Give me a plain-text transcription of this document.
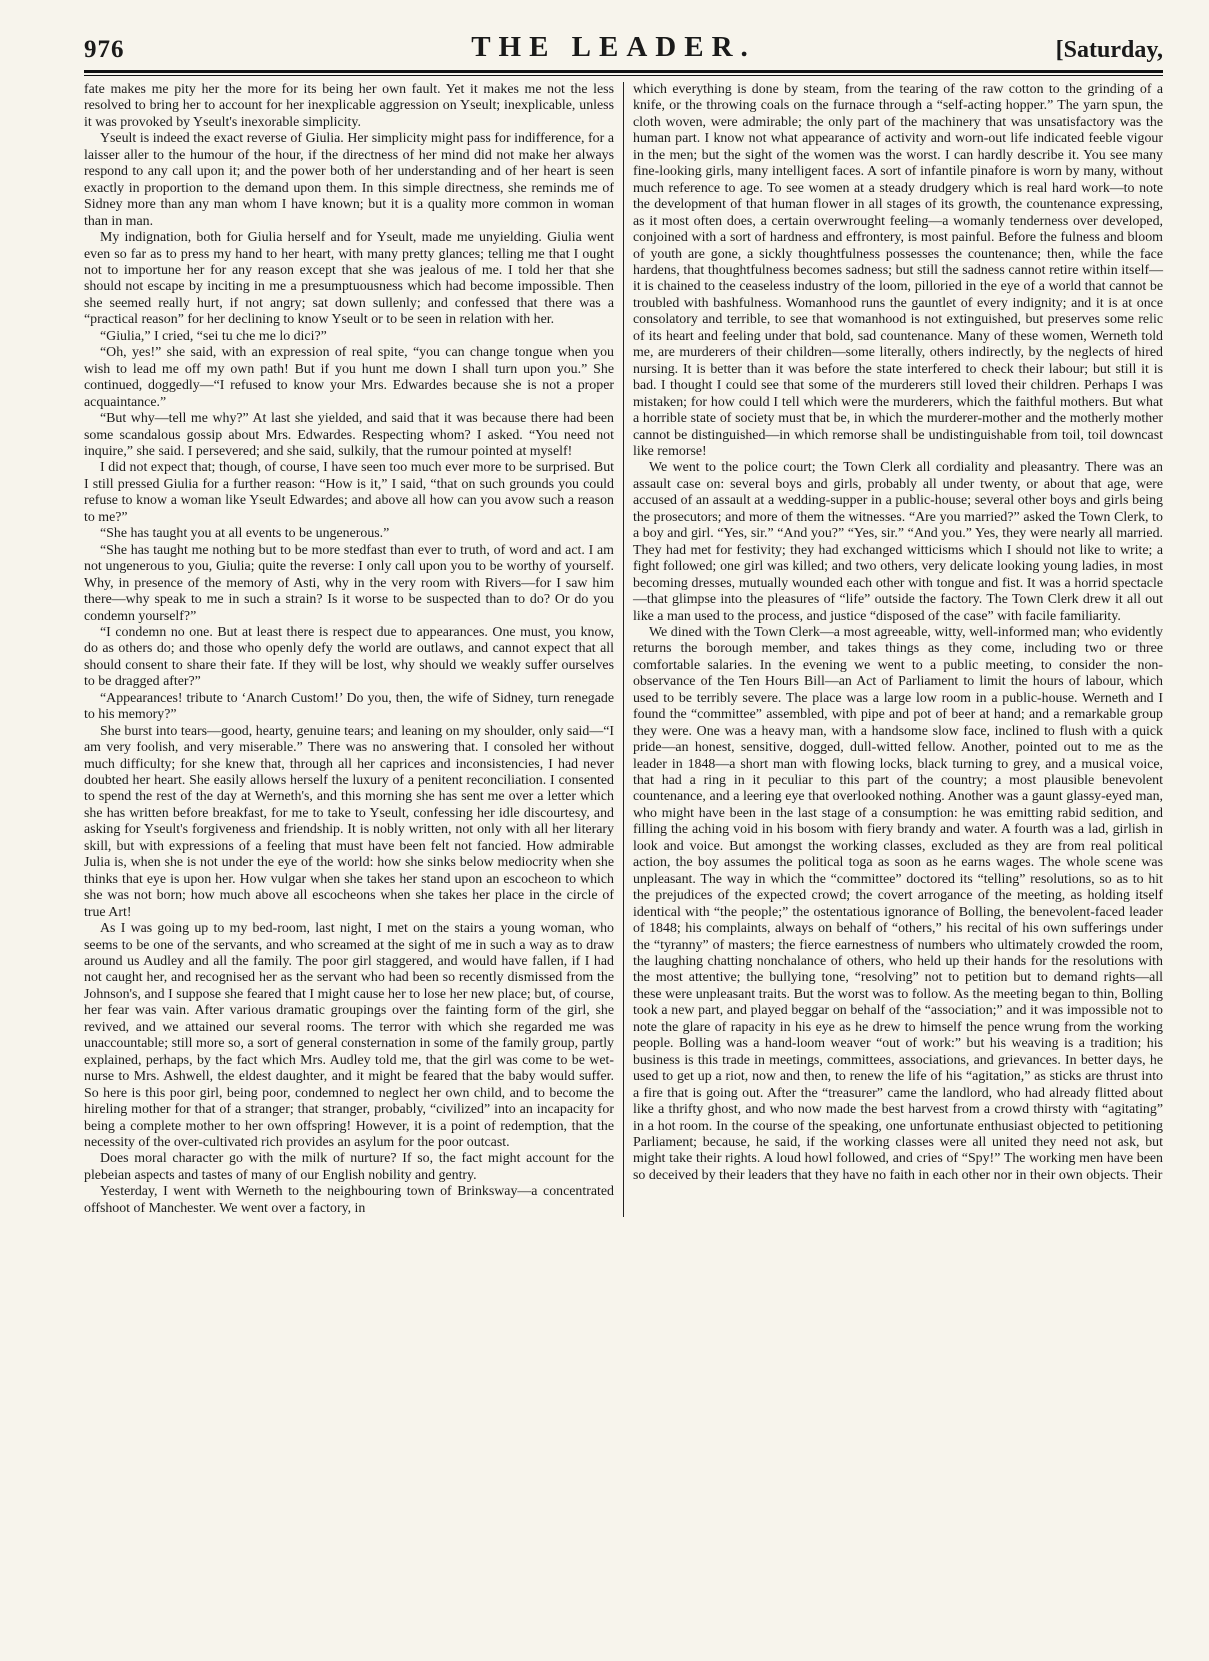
976	THE LEADER.	[Saturday,

fate makes me pity her the more for its being her own fault. Yet it makes me not the less resolved to bring her to account for her inexplicable aggression on Yseult; inexplicable, unless it was provoked by Yseult's inexorable simplicity.

Yseult is indeed the exact reverse of Giulia. Her simplicity might pass for indifference, for a laisser aller to the humour of the hour, if the directness of her mind did not make her always respond to any call upon it; and the power both of her understanding and of her heart is seen exactly in proportion to the demand upon them. In this simple directness, she reminds me of Sidney more than any man whom I have known; but it is a quality more common in woman than in man.

My indignation, both for Giulia herself and for Yseult, made me unyielding. Giulia went even so far as to press my hand to her heart, with many pretty glances; telling me that I ought not to importune her for any reason except that she was jealous of me. I told her that she should not escape by inciting in me a presumptuousness which had become impossible. Then she seemed really hurt, if not angry; sat down sullenly; and confessed that there was a “practical reason” for her declining to know Yseult or to be seen in relation with her.

“Giulia,” I cried, “sei tu che me lo dici?”

“Oh, yes!” she said, with an expression of real spite, “you can change tongue when you wish to lead me off my own path! But if you hunt me down I shall turn upon you.” She continued, doggedly—“I refused to know your Mrs. Edwardes because she is not a proper acquaintance.”

“But why—tell me why?” At last she yielded, and said that it was because there had been some scandalous gossip about Mrs. Edwardes. Respecting whom? I asked. “You need not inquire,” she said. I persevered; and she said, sulkily, that the rumour pointed at myself!

I did not expect that; though, of course, I have seen too much ever more to be surprised. But I still pressed Giulia for a further reason: “How is it,” I said, “that on such grounds you could refuse to know a woman like Yseult Edwardes; and above all how can you avow such a reason to me?”

“She has taught you at all events to be ungenerous.”

“She has taught me nothing but to be more stedfast than ever to truth, of word and act. I am not ungenerous to you, Giulia; quite the reverse: I only call upon you to be worthy of yourself. Why, in presence of the memory of Asti, why in the very room with Rivers—for I saw him there—why speak to me in such a strain? Is it worse to be suspected than to do? Or do you condemn yourself?”

“I condemn no one. But at least there is respect due to appearances. One must, you know, do as others do; and those who openly defy the world are outlaws, and cannot expect that all should consent to share their fate. If they will be lost, why should we weakly suffer ourselves to be dragged after?”

“Appearances! tribute to ‘Anarch Custom!’ Do you, then, the wife of Sidney, turn renegade to his memory?”

She burst into tears—good, hearty, genuine tears; and leaning on my shoulder, only said—“I am very foolish, and very miserable.” There was no answering that. I consoled her without much difficulty; for she knew that, through all her caprices and inconsistencies, I had never doubted her heart. She easily allows herself the luxury of a penitent reconciliation. I consented to spend the rest of the day at Werneth's, and this morning she has sent me over a letter which she has written before breakfast, for me to take to Yseult, confessing her idle discourtesy, and asking for Yseult's forgiveness and friendship. It is nobly written, not only with all her literary skill, but with expressions of a feeling that must have been felt not fancied. How admirable Julia is, when she is not under the eye of the world: how she sinks below mediocrity when she thinks that eye is upon her. How vulgar when she takes her stand upon an escocheon to which she was not born; how much above all escocheons when she takes her place in the circle of true Art!

As I was going up to my bed-room, last night, I met on the stairs a young woman, who seems to be one of the servants, and who screamed at the sight of me in such a way as to draw around us Audley and all the family. The poor girl staggered, and would have fallen, if I had not caught her, and recognised her as the servant who had been so recently dismissed from the Johnson's, and I suppose she feared that I might cause her to lose her new place; but, of course, her fear was vain. After various dramatic groupings over the fainting form of the girl, she revived, and we attained our several rooms. The terror with which she regarded me was unaccountable; still more so, a sort of general consternation in some of the family group, partly explained, perhaps, by the fact which Mrs. Audley told me, that the girl was come to be wet-nurse to Mrs. Ashwell, the eldest daughter, and it might be feared that the baby would suffer. So here is this poor girl, being poor, condemned to neglect her own child, and to become the hireling mother for that of a stranger; that stranger, probably, “civilized” into an incapacity for being a complete mother to her own offspring! However, it is a point of redemption, that the necessity of the over-cultivated rich provides an asylum for the poor outcast.

Does moral character go with the milk of nurture? If so, the fact might account for the plebeian aspects and tastes of many of our English nobility and gentry.

Yesterday, I went with Werneth to the neighbouring town of Brinksway—a concentrated offshoot of Manchester. We went over a factory, in

which everything is done by steam, from the tearing of the raw cotton to the grinding of a knife, or the throwing coals on the furnace through a “self-acting hopper.” The yarn spun, the cloth woven, were admirable; the only part of the machinery that was unsatisfactory was the human part. I know not what appearance of activity and worn-out life indicated feeble vigour in the men; but the sight of the women was the worst. I can hardly describe it. You see many fine-looking girls, many intelligent faces. A sort of infantile pinafore is worn by many, without much reference to age. To see women at a steady drudgery which is real hard work—to note the development of that human flower in all stages of its growth, the countenance expressing, as it most often does, a certain overwrought feeling—a womanly tenderness over developed, conjoined with a sort of hardness and effrontery, is most painful. Before the fulness and bloom of youth are gone, a sickly thoughtfulness possesses the countenance; then, while the face hardens, that thoughtfulness becomes sadness; but still the sadness cannot retire within itself—it is chained to the ceaseless industry of the loom, pilloried in the eye of a world that cannot be troubled with bashfulness. Womanhood runs the gauntlet of every indignity; and it is at once consolatory and terrible, to see that womanhood is not extinguished, but preserves some relic of its heart and feeling under that bold, sad countenance. Many of these women, Werneth told me, are murderers of their children—some literally, others indirectly, by the neglects of hired nursing. It is better than it was before the state interfered to check their labour; but still it is bad. I thought I could see that some of the murderers still loved their children. Perhaps I was mistaken; for how could I tell which were the murderers, which the faithful mothers. But what a horrible state of society must that be, in which the murderer-mother and the motherly mother cannot be distinguished—in which remorse shall be undistinguishable from toil, toil downcast like remorse!

We went to the police court; the Town Clerk all cordiality and pleasantry. There was an assault case on: several boys and girls, probably all under twenty, or about that age, were accused of an assault at a wedding-supper in a public-house; several other boys and girls being the prosecutors; and more of them the witnesses. “Are you married?” asked the Town Clerk, to a boy and girl. “Yes, sir.” “And you?” “Yes, sir.” “And you.” Yes, they were nearly all married. They had met for festivity; they had exchanged witticisms which I should not like to write; a fight followed; one girl was killed; and two others, very delicate looking young ladies, in most becoming dresses, mutually wounded each other with tongue and fist. It was a horrid spectacle—that glimpse into the pleasures of “life” outside the factory. The Town Clerk drew it all out like a man used to the process, and justice “disposed of the case” with facile familiarity.

We dined with the Town Clerk—a most agreeable, witty, well-informed man; who evidently returns the borough member, and takes things as they come, including two or three comfortable salaries. In the evening we went to a public meeting, to consider the non-observance of the Ten Hours Bill—an Act of Parliament to limit the hours of labour, which used to be terribly severe. The place was a large low room in a public-house. Werneth and I found the “committee” assembled, with pipe and pot of beer at hand; and a remarkable group they were. One was a heavy man, with a handsome slow face, inclined to flush with a quick pride—an honest, sensitive, dogged, dull-witted fellow. Another, pointed out to me as the leader in 1848—a short man with flowing locks, black turning to grey, and a musical voice, that had a ring in it peculiar to this part of the country; a most plausible benevolent countenance, and a leering eye that overlooked nothing. Another was a gaunt glassy-eyed man, who might have been in the last stage of a consumption: he was emitting rabid sedition, and filling the aching void in his bosom with fiery brandy and water. A fourth was a lad, girlish in look and voice. But amongst the working classes, excluded as they are from real political action, the boy assumes the political toga as soon as he earns wages. The whole scene was unpleasant. The way in which the “committee” doctored its “telling” resolutions, so as to hit the prejudices of the expected crowd; the covert arrogance of the meeting, as holding itself identical with “the people;” the ostentatious ignorance of Bolling, the benevolent-faced leader of 1848; his complaints, always on behalf of “others,” his recital of his own sufferings under the “tyranny” of masters; the fierce earnestness of numbers who ultimately crowded the room, the laughing chatting nonchalance of others, who held up their hands for the resolutions with the most attentive; the bullying tone, “resolving” not to petition but to demand rights—all these were unpleasant traits. But the worst was to follow. As the meeting began to thin, Bolling took a new part, and played beggar on behalf of the “association;” and it was impossible not to note the glare of rapacity in his eye as he drew to himself the pence wrung from the working people. Bolling was a hand-loom weaver “out of work:” but his weaving is a tradition; his business is this trade in meetings, committees, associations, and grievances. In better days, he used to get up a riot, now and then, to renew the life of his “agitation,” as sticks are thrust into a fire that is going out. After the “treasurer” came the landlord, who had already flitted about like a thrifty ghost, and who now made the best harvest from a crowd thirsty with “agitating” in a hot room. In the course of the speaking, one unfortunate enthusiast objected to petitioning Parliament; because, he said, if the working classes were all united they need not ask, but might take their rights. A loud howl followed, and cries of “Spy!” The working men have been so deceived by their leaders that they have no faith in each other nor in their own objects. Their
